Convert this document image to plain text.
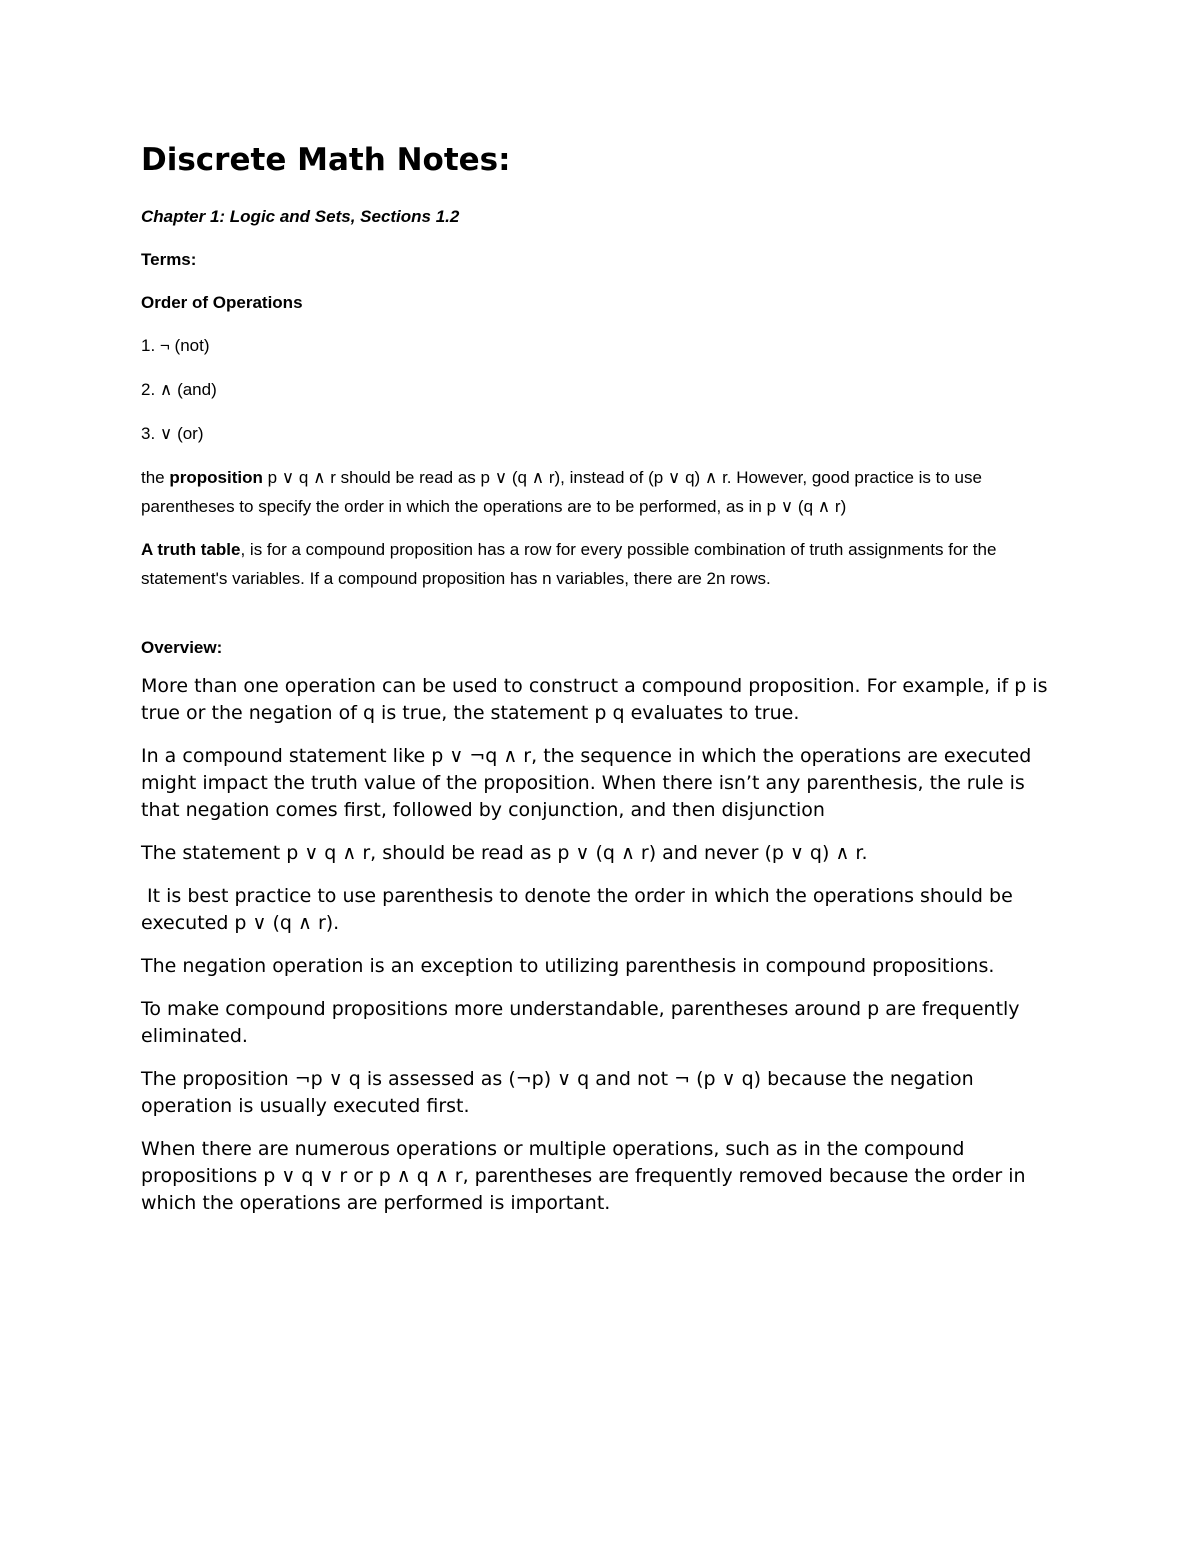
Discrete Math Notes:

Chapter 1: Logic and Sets, Sections 1.2

Terms:

Order of Operations

1. ¬ (not)

2. ∧ (and)

3. ∨ (or)

the proposition p ∨ q ∧ r should be read as p ∨ (q ∧ r), instead of (p ∨ q) ∧ r. However, good practice is to use parentheses to specify the order in which the operations are to be performed, as in p ∨ (q ∧ r)

A truth table, is for a compound proposition has a row for every possible combination of truth assignments for the statement's variables. If a compound proposition has n variables, there are 2n rows.

Overview:

More than one operation can be used to construct a compound proposition. For example, if p is true or the negation of q is true, the statement p q evaluates to true.

In a compound statement like p ∨ ¬q ∧ r, the sequence in which the operations are executed might impact the truth value of the proposition. When there isn’t any parenthesis, the rule is that negation comes first, followed by conjunction, and then disjunction

The statement p ∨ q ∧ r, should be read as p ∨ (q ∧ r) and never (p ∨ q) ∧ r.

It is best practice to use parenthesis to denote the order in which the operations should be executed p ∨ (q ∧ r).

The negation operation is an exception to utilizing parenthesis in compound propositions.

To make compound propositions more understandable, parentheses around p are frequently eliminated.

The proposition ¬p ∨ q is assessed as (¬p) ∨ q and not ¬ (p ∨ q) because the negation operation is usually executed first.

When there are numerous operations or multiple operations, such as in the compound propositions p ∨ q ∨ r or p ∧ q ∧ r, parentheses are frequently removed because the order in which the operations are performed is important.
